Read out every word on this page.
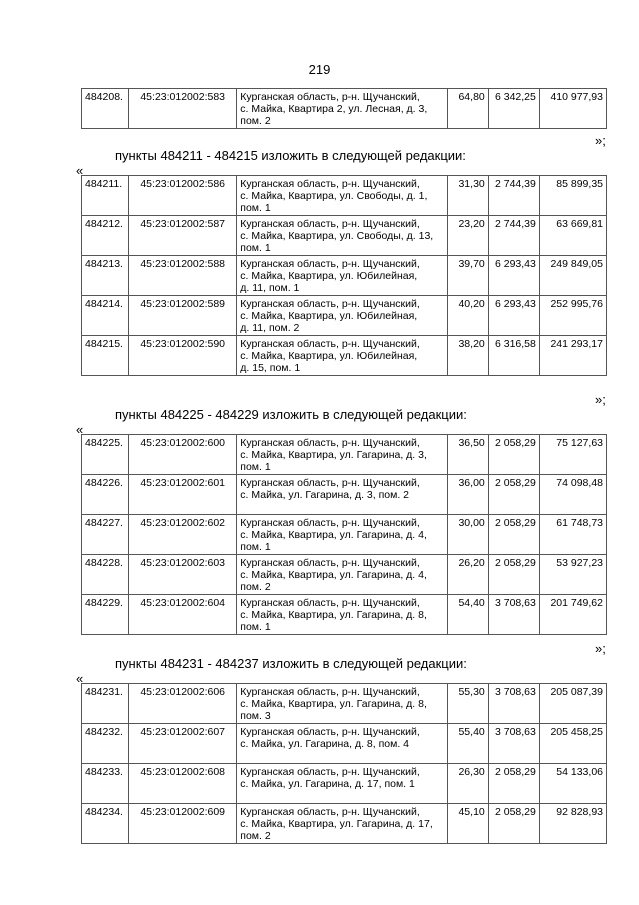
219
484208.	45:23:012002:583	Курганская область, р-н. Щучанский,
с. Майка, Квартира 2, ул. Лесная, д. 3,
пом. 2
	64,80	6 342,25	410 977,93
»;
пункты 484211 - 484215 изложить в следующей редакции:
«
484211.	45:23:012002:586	Курганская область, р-н. Щучанский,
с. Майка, Квартира, ул. Свободы, д. 1,
пом. 1	31,30	2 744,39	85 899,35
484212.	45:23:012002:587	Курганская область, р-н. Щучанский,
с. Майка, Квартира, ул. Свободы, д. 13,
пом. 1	23,20	2 744,39	63 669,81
484213.	45:23:012002:588	Курганская область, р-н. Щучанский,
с. Майка, Квартира, ул. Юбилейная,
д. 11, пом. 1	39,70	6 293,43	249 849,05
484214.	45:23:012002:589	Курганская область, р-н. Щучанский,
с. Майка, Квартира, ул. Юбилейная,
д. 11, пом. 2	40,20	6 293,43	252 995,76
484215.	45:23:012002:590	Курганская область, р-н. Щучанский,
с. Майка, Квартира, ул. Юбилейная,
д. 15, пом. 1	38,20	6 316,58	241 293,17
»;
пункты 484225 - 484229 изложить в следующей редакции:
«
484225.	45:23:012002:600	Курганская область, р-н. Щучанский,
с. Майка, Квартира, ул. Гагарина, д. 3,
пом. 1	36,50	2 058,29	75 127,63
484226.	45:23:012002:601	Курганская область, р-н. Щучанский,
с. Майка, ул. Гагарина, д. 3, пом. 2	36,00	2 058,29	74 098,48
484227.	45:23:012002:602	Курганская область, р-н. Щучанский,
с. Майка, Квартира, ул. Гагарина, д. 4,
пом. 1	30,00	2 058,29	61 748,73
484228.	45:23:012002:603	Курганская область, р-н. Щучанский,
с. Майка, Квартира, ул. Гагарина, д. 4,
пом. 2	26,20	2 058,29	53 927,23
484229.	45:23:012002:604	Курганская область, р-н. Щучанский,
с. Майка, Квартира, ул. Гагарина, д. 8,
пом. 1	54,40	3 708,63	201 749,62
»;
пункты 484231 - 484237 изложить в следующей редакции:
«
484231.	45:23:012002:606	Курганская область, р-н. Щучанский,
с. Майка, Квартира, ул. Гагарина, д. 8,
пом. 3	55,30	3 708,63	205 087,39
484232.	45:23:012002:607	Курганская область, р-н. Щучанский,
с. Майка, ул. Гагарина, д. 8, пом. 4	55,40	3 708,63	205 458,25
484233.	45:23:012002:608	Курганская область, р-н. Щучанский,
с. Майка, ул. Гагарина, д. 17, пом. 1	26,30	2 058,29	54 133,06
484234.	45:23:012002:609	Курганская область, р-н. Щучанский,
с. Майка, Квартира, ул. Гагарина, д. 17,
пом. 2	45,10	2 058,29	92 828,93
